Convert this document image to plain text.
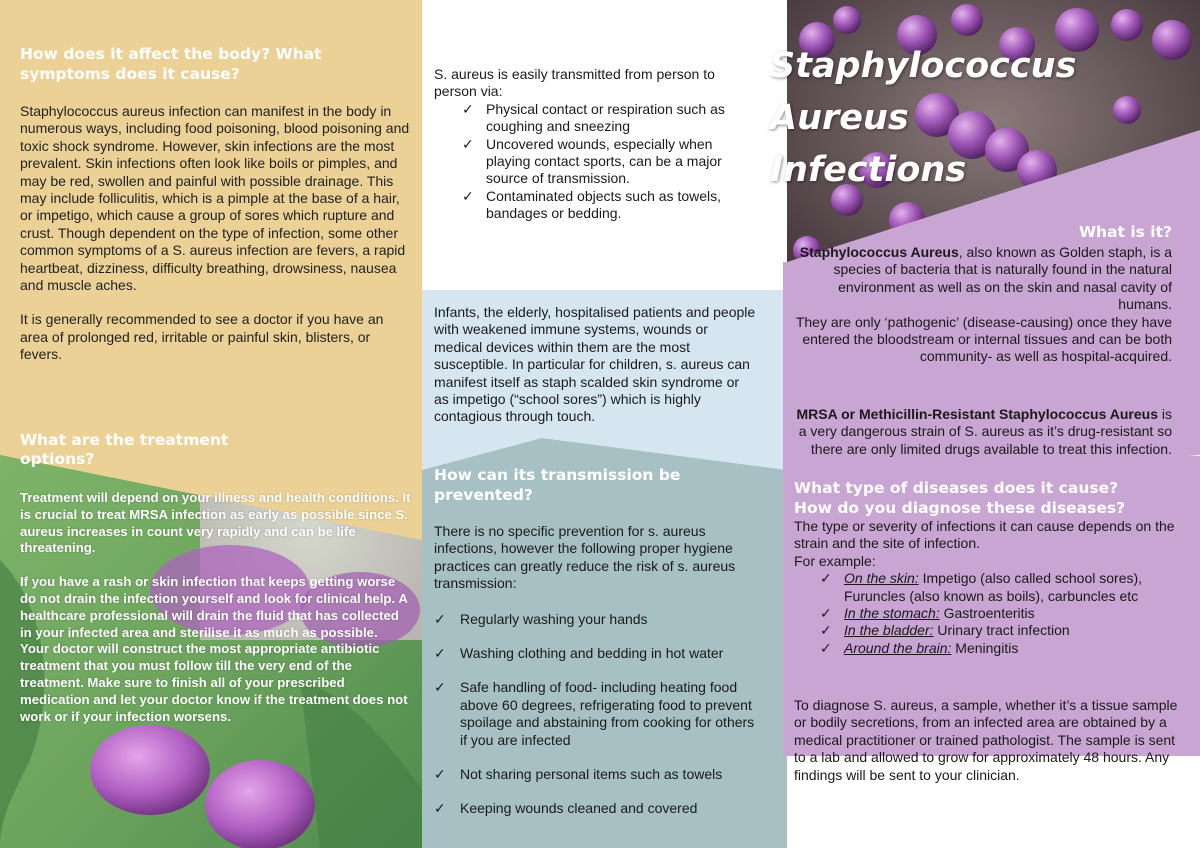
How does it affect the body? What symptoms does it cause?

Staphylococcus aureus infection can manifest in the body in numerous ways, including food poisoning, blood poisoning and toxic shock syndrome. However, skin infections are the most prevalent. Skin infections often look like boils or pimples, and may be red, swollen and painful with possible drainage. This may include folliculitis, which is a pimple at the base of a hair, or impetigo, which cause a group of sores which rupture and crust. Though dependent on the type of infection, some other common symptoms of a S. aureus infection are fevers, a rapid heartbeat, dizziness, difficulty breathing, drowsiness, nausea and muscle aches.

It is generally recommended to see a doctor if you have an area of prolonged red, irritable or painful skin, blisters, or fevers.

What are the treatment options?

Treatment will depend on your illness and health conditions. It is crucial to treat MRSA infection as early as possible since S. aureus increases in count very rapidly and can be life threatening.

If you have a rash or skin infection that keeps getting worse do not drain the infection yourself and look for clinical help. A healthcare professional will drain the fluid that has collected in your infected area and sterilise it as much as possible.

Your doctor will construct the most appropriate antibiotic treatment that you must follow till the very end of the treatment. Make sure to finish all of your prescribed medication and let your doctor know if the treatment does not work or if your infection worsens.

S. aureus is easily transmitted from person to person via:

✓ Physical contact or respiration such as coughing and sneezing
✓ Uncovered wounds, especially when playing contact sports, can be a major source of transmission.
✓ Contaminated objects such as towels, bandages or bedding.
Infants, the elderly, hospitalised patients and people with weakened immune systems, wounds or medical devices within them are the most susceptible. In particular for children, s. aureus can manifest itself as staph scalded skin syndrome or as impetigo (“school sores”) which is highly contagious through touch.
How can its transmission be prevented?

There is no specific prevention for s. aureus infections, however the following proper hygiene practices can greatly reduce the risk of s. aureus transmission:

✓ Regularly washing your hands
✓ Washing clothing and bedding in hot water
✓ Safe handling of food- including heating food above 60 degrees, refrigerating food to prevent spoilage and abstaining from cooking for others if you are infected
✓ Not sharing personal items such as towels
✓ Keeping wounds cleaned and covered
Staphylococcus
Aureus
Infections
What is it?

Staphylococcus Aureus, also known as Golden staph, is a species of bacteria that is naturally found in the natural environment as well as on the skin and nasal cavity of humans.

They are only ‘pathogenic’ (disease-causing) once they have entered the bloodstream or internal tissues and can be both community- as well as hospital-acquired.

MRSA or Methicillin-Resistant Staphylococcus Aureus is a very dangerous strain of S. aureus as it’s drug-resistant so there are only limited drugs available to treat this infection.
What type of diseases does it cause?
How do you diagnose these diseases?

The type or severity of infections it can cause depends on the strain and the site of infection.

For example:

✓ On the skin: Impetigo (also called school sores), Furuncles (also known as boils), carbuncles etc
✓ In the stomach: Gastroenteritis
✓ In the bladder: Urinary tract infection
✓ Around the brain: Meningitis
To diagnose S. aureus, a sample, whether it’s a tissue sample or bodily secretions, from an infected area are obtained by a medical practitioner or trained pathologist. The sample is sent to a lab and allowed to grow for approximately 48 hours. Any findings will be sent to your clinician.
